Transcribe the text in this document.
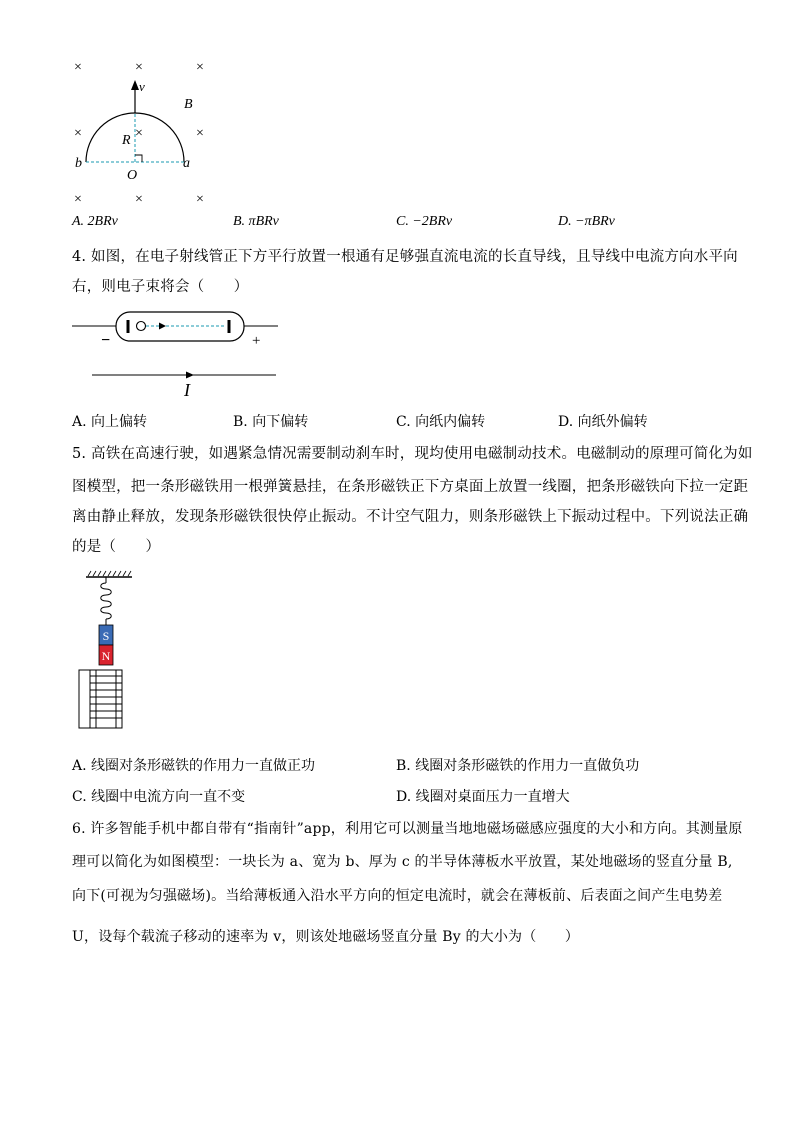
×	×	×
×	×	×
×	×	×
v
B
R
b	a
O
A. 2BRv	B. πBRv	C. −2BRv	D. −πBRv
4. 如图，在电子射线管正下方平行放置一根通有足够强直流电流的长直导线，且导线中电流方向水平向
右，则电子束将会（　　）
−	+
I
A. 向上偏转	B. 向下偏转	C. 向纸内偏转	D. 向纸外偏转
5. 高铁在高速行驶，如遇紧急情况需要制动刹车时，现均使用电磁制动技术。电磁制动的原理可简化为如
图模型，把一条形磁铁用一根弹簧悬挂，在条形磁铁正下方桌面上放置一线圈，把条形磁铁向下拉一定距
离由静止释放，发现条形磁铁很快停止振动。不计空气阻力，则条形磁铁上下振动过程中。下列说法正确
的是（　　）
S
N
A. 线圈对条形磁铁的作用力一直做正功	B. 线圈对条形磁铁的作用力一直做负功
C. 线圈中电流方向一直不变	D. 线圈对桌面压力一直增大
6. 许多智能手机中都自带有“指南针”app，利用它可以测量当地地磁场磁感应强度的大小和方向。其测量原
理可以简化为如图模型：一块长为 a、宽为 b、厚为 c 的半导体薄板水平放置，某处地磁场的竖直分量 B,
向下(可视为匀强磁场)。当给薄板通入沿水平方向的恒定电流时，就会在薄板前、后表面之间产生电势差
U，设每个载流子移动的速率为 v，则该处地磁场竖直分量 By 的大小为（　　）
